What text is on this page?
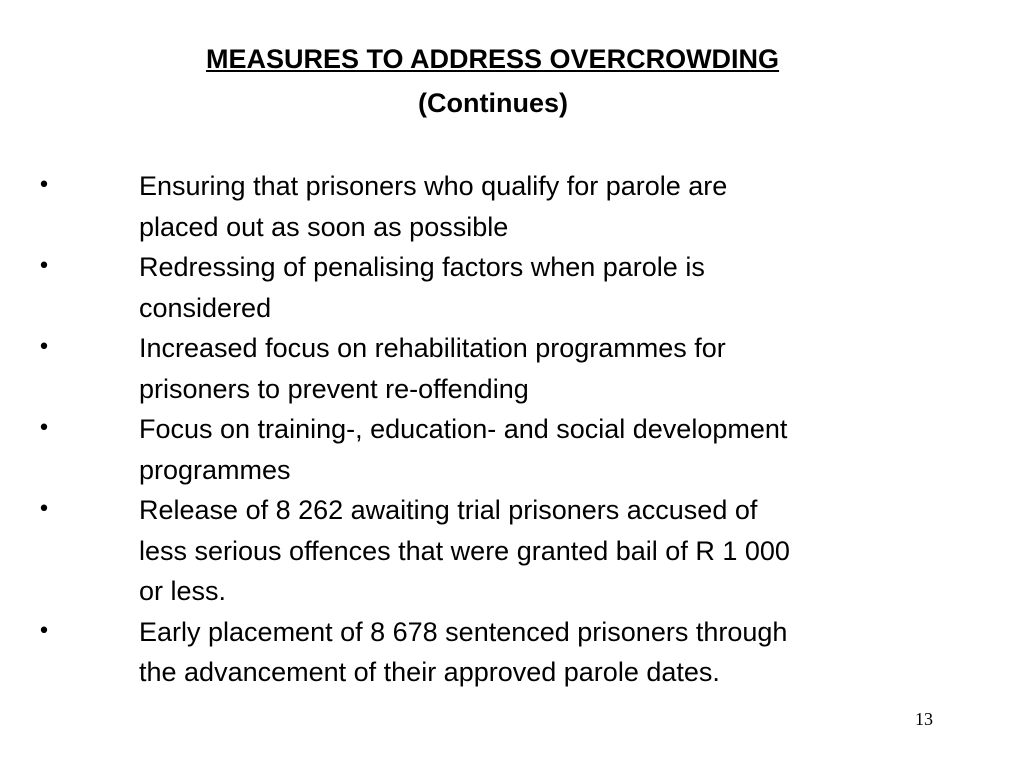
MEASURES TO ADDRESS OVERCROWDING
(Continues)
•	Ensuring that prisoners who qualify for parole are
placed out as soon as possible
•	Redressing of penalising factors when parole is
considered
•	Increased focus on rehabilitation programmes for
prisoners to prevent re-offending
•	Focus on training-, education- and social development
programmes
•	Release of 8 262 awaiting trial prisoners accused of
less serious offences that were granted bail of R 1 000
or less.
•	Early placement of 8 678 sentenced prisoners through
the advancement of their approved parole dates.
13
